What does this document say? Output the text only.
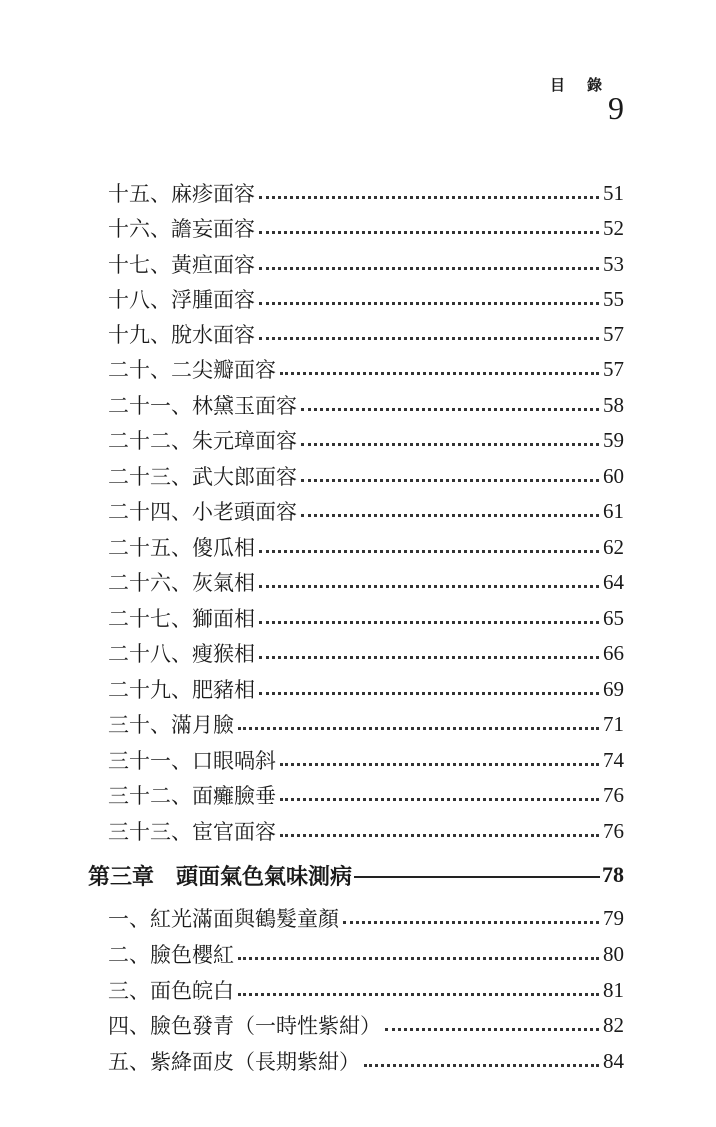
目錄
9
十五、麻疹面容	51
十六、譫妄面容	52
十七、黃疸面容	53
十八、浮腫面容	55
十九、脫水面容	57
二十、二尖瓣面容	57
二十一、林黛玉面容	58
二十二、朱元璋面容	59
二十三、武大郎面容	60
二十四、小老頭面容	61
二十五、傻瓜相	62
二十六、灰氣相	64
二十七、獅面相	65
二十八、瘦猴相	66
二十九、肥豬相	69
三十、滿月臉	71
三十一、口眼喎斜	74
三十二、面癱臉垂	76
三十三、宦官面容	76
第三章　頭面氣色氣味測病	78
一、紅光滿面與鶴髮童顏	79
二、臉色櫻紅	80
三、面色皖白	81
四、臉色發青（一時性紫紺）	82
五、紫絳面皮（長期紫紺）	84
